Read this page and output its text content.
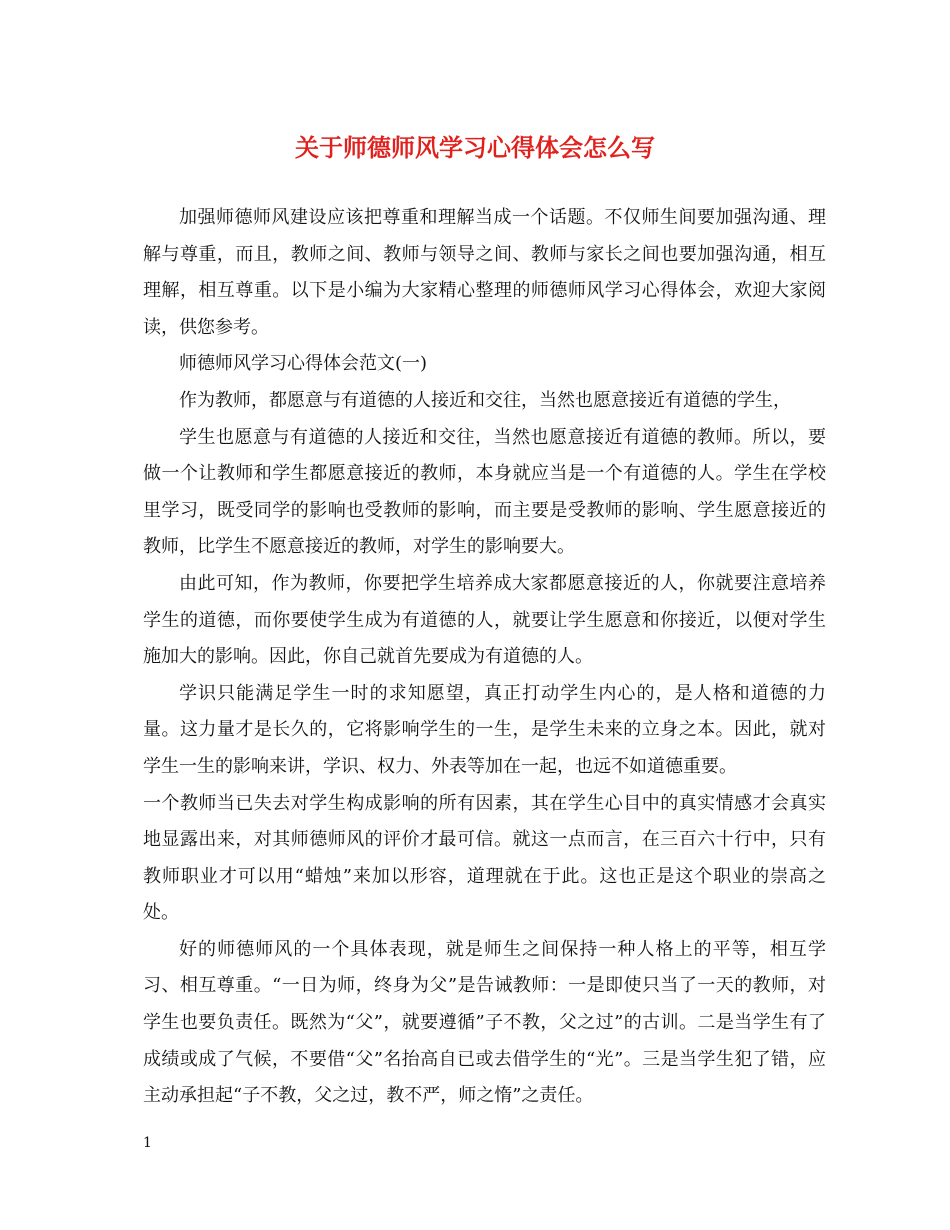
关于师德师风学习心得体会怎么写

加强师德师风建设应该把尊重和理解当成一个话题。不仅师生间要加强沟通、理解与尊重，而且，教师之间、教师与领导之间、教师与家长之间也要加强沟通，相互理解，相互尊重。以下是小编为大家精心整理的师德师风学习心得体会，欢迎大家阅读，供您参考。

师德师风学习心得体会范文(一)

作为教师，都愿意与有道德的人接近和交往，当然也愿意接近有道德的学生，

学生也愿意与有道德的人接近和交往，当然也愿意接近有道德的教师。所以，要做一个让教师和学生都愿意接近的教师，本身就应当是一个有道德的人。学生在学校里学习，既受同学的影响也受教师的影响，而主要是受教师的影响、学生愿意接近的教师，比学生不愿意接近的教师，对学生的影响要大。

由此可知，作为教师，你要把学生培养成大家都愿意接近的人，你就要注意培养学生的道德，而你要使学生成为有道德的人，就要让学生愿意和你接近，以便对学生施加大的影响。因此，你自己就首先要成为有道德的人。

学识只能满足学生一时的求知愿望，真正打动学生内心的，是人格和道德的力量。这力量才是长久的，它将影响学生的一生，是学生未来的立身之本。因此，就对学生一生的影响来讲，学识、权力、外表等加在一起，也远不如道德重要。

一个教师当已失去对学生构成影响的所有因素，其在学生心目中的真实情感才会真实地显露出来，对其师德师风的评价才最可信。就这一点而言，在三百六十行中，只有教师职业才可以用“蜡烛”来加以形容，道理就在于此。这也正是这个职业的崇高之处。

好的师德师风的一个具体表现，就是师生之间保持一种人格上的平等，相互学习、相互尊重。“一日为师，终身为父”是告诫教师：一是即使只当了一天的教师，对学生也要负责任。既然为“父”，就要遵循”子不教，父之过”的古训。二是当学生有了成绩或成了气候，不要借“父”名抬高自已或去借学生的“光”。三是当学生犯了错，应主动承担起“子不教，父之过，教不严，师之惰”之责任。

1
